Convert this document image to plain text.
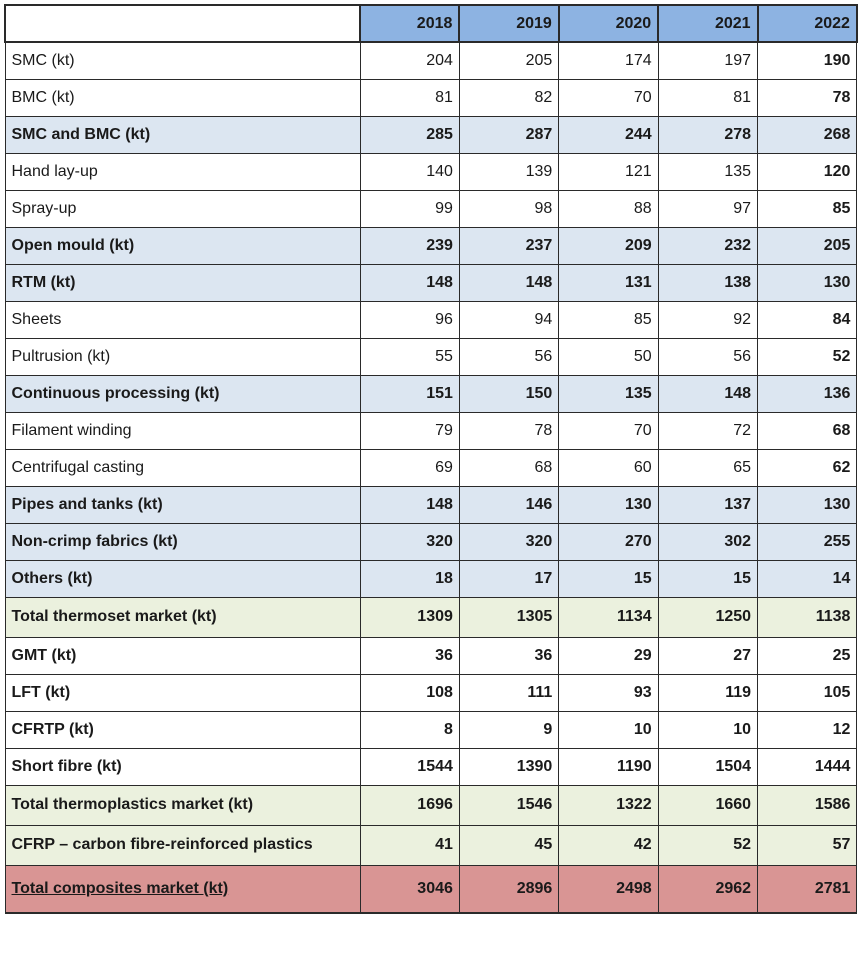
	2018	2019	2020	2021	2022
SMC (kt)	204	205	174	197	190
BMC (kt)	81	82	70	81	78
SMC and BMC (kt)	285	287	244	278	268
Hand lay-up	140	139	121	135	120
Spray-up	99	98	88	97	85
Open mould (kt)	239	237	209	232	205
RTM (kt)	148	148	131	138	130
Sheets	96	94	85	92	84
Pultrusion (kt)	55	56	50	56	52
Continuous processing (kt)	151	150	135	148	136
Filament winding	79	78	70	72	68
Centrifugal casting	69	68	60	65	62
Pipes and tanks (kt)	148	146	130	137	130
Non-crimp fabrics (kt)	320	320	270	302	255
Others (kt)	18	17	15	15	14
Total thermoset market (kt)	1309	1305	1134	1250	1138
GMT (kt)	36	36	29	27	25
LFT (kt)	108	111	93	119	105
CFRTP (kt)	8	9	10	10	12
Short fibre (kt)	1544	1390	1190	1504	1444
Total thermoplastics market (kt)	1696	1546	1322	1660	1586
CFRP – carbon fibre-reinforced plastics	41	45	42	52	57
Total composites market (kt)	3046	2896	2498	2962	2781
